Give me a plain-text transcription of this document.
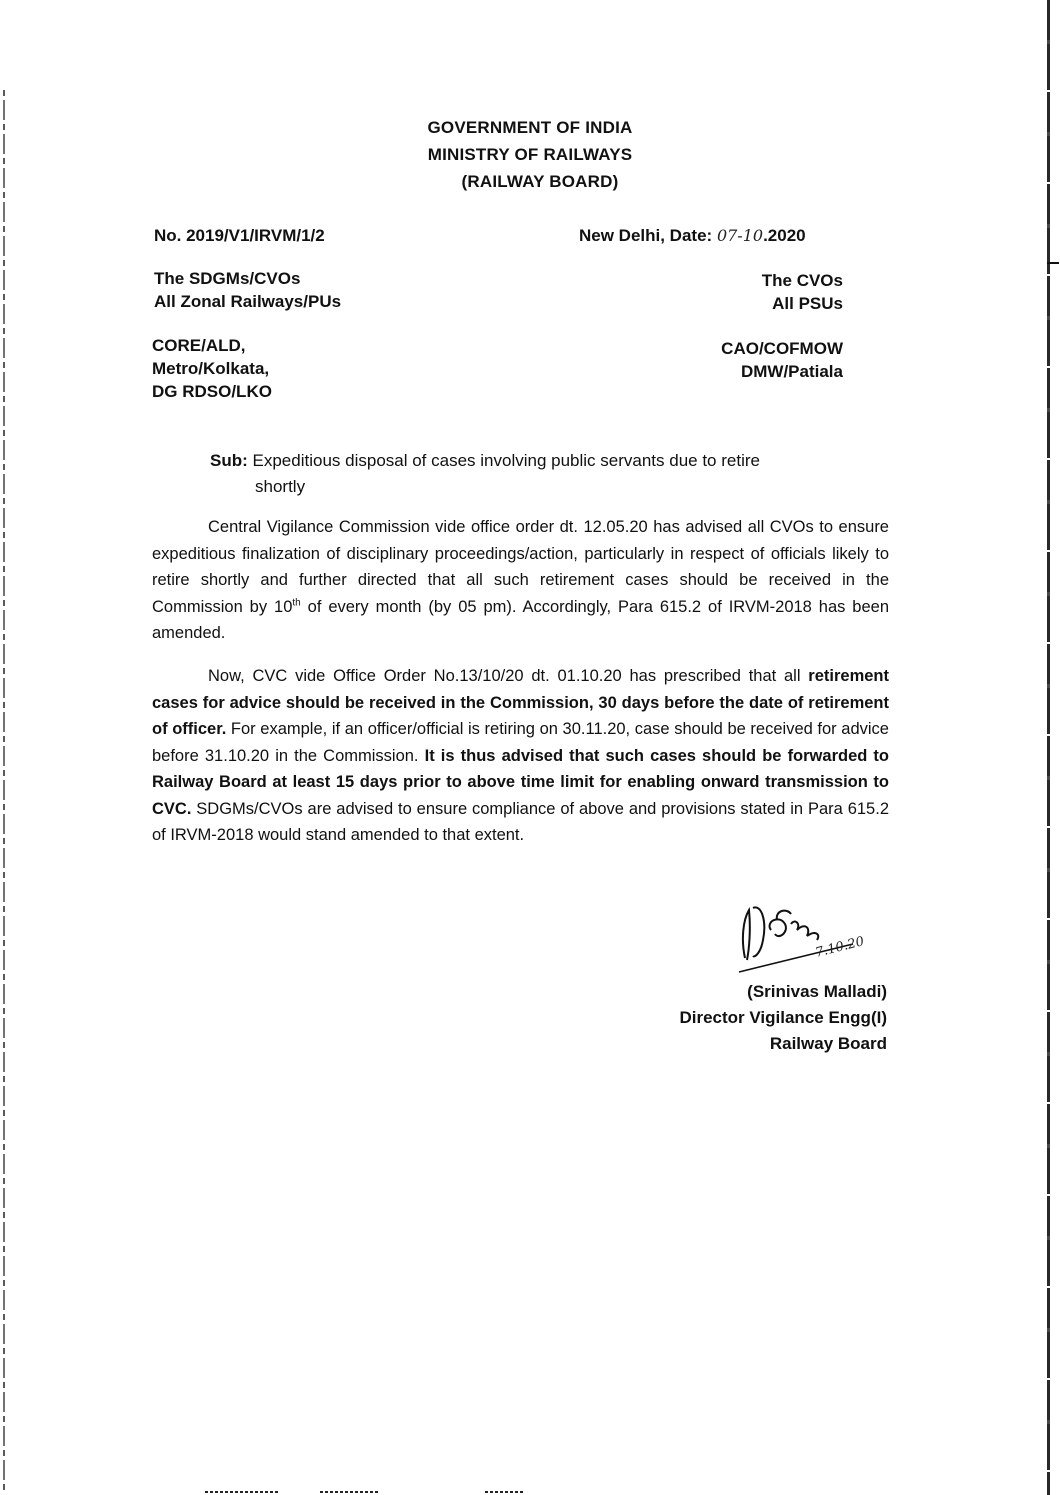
GOVERNMENT OF INDIA
MINISTRY OF RAILWAYS
(RAILWAY BOARD)
No. 2019/V1/IRVM/1/2	New Delhi, Date: 07-10.2020
The SDGMs/CVOs
All Zonal Railways/PUs
The CVOs
All PSUs
CORE/ALD,
Metro/Kolkata,
DG RDSO/LKO
CAO/COFMOW
DMW/Patiala
Sub: Expeditious disposal of cases involving public servants due to retire
shortly

Central Vigilance Commission vide office order dt. 12.05.20 has advised all CVOs to ensure expeditious finalization of disciplinary proceedings/action, particularly in respect of officials likely to retire shortly and further directed that all such retirement cases should be received in the Commission by 10th of every month (by 05 pm). Accordingly, Para 615.2 of IRVM-2018 has been amended.

Now, CVC vide Office Order No.13/10/20 dt. 01.10.20 has prescribed that all retirement cases for advice should be received in the Commission, 30 days before the date of retirement of officer. For example, if an officer/official is retiring on 30.11.20, case should be received for advice before 31.10.20 in the Commission. It is thus advised that such cases should be forwarded to Railway Board at least 15 days prior to above time limit for enabling onward transmission to CVC. SDGMs/CVOs are advised to ensure compliance of above and provisions stated in Para 615.2 of IRVM-2018 would stand amended to that extent.

7.10.20
(Srinivas Malladi)
Director Vigilance Engg(I)
Railway Board
